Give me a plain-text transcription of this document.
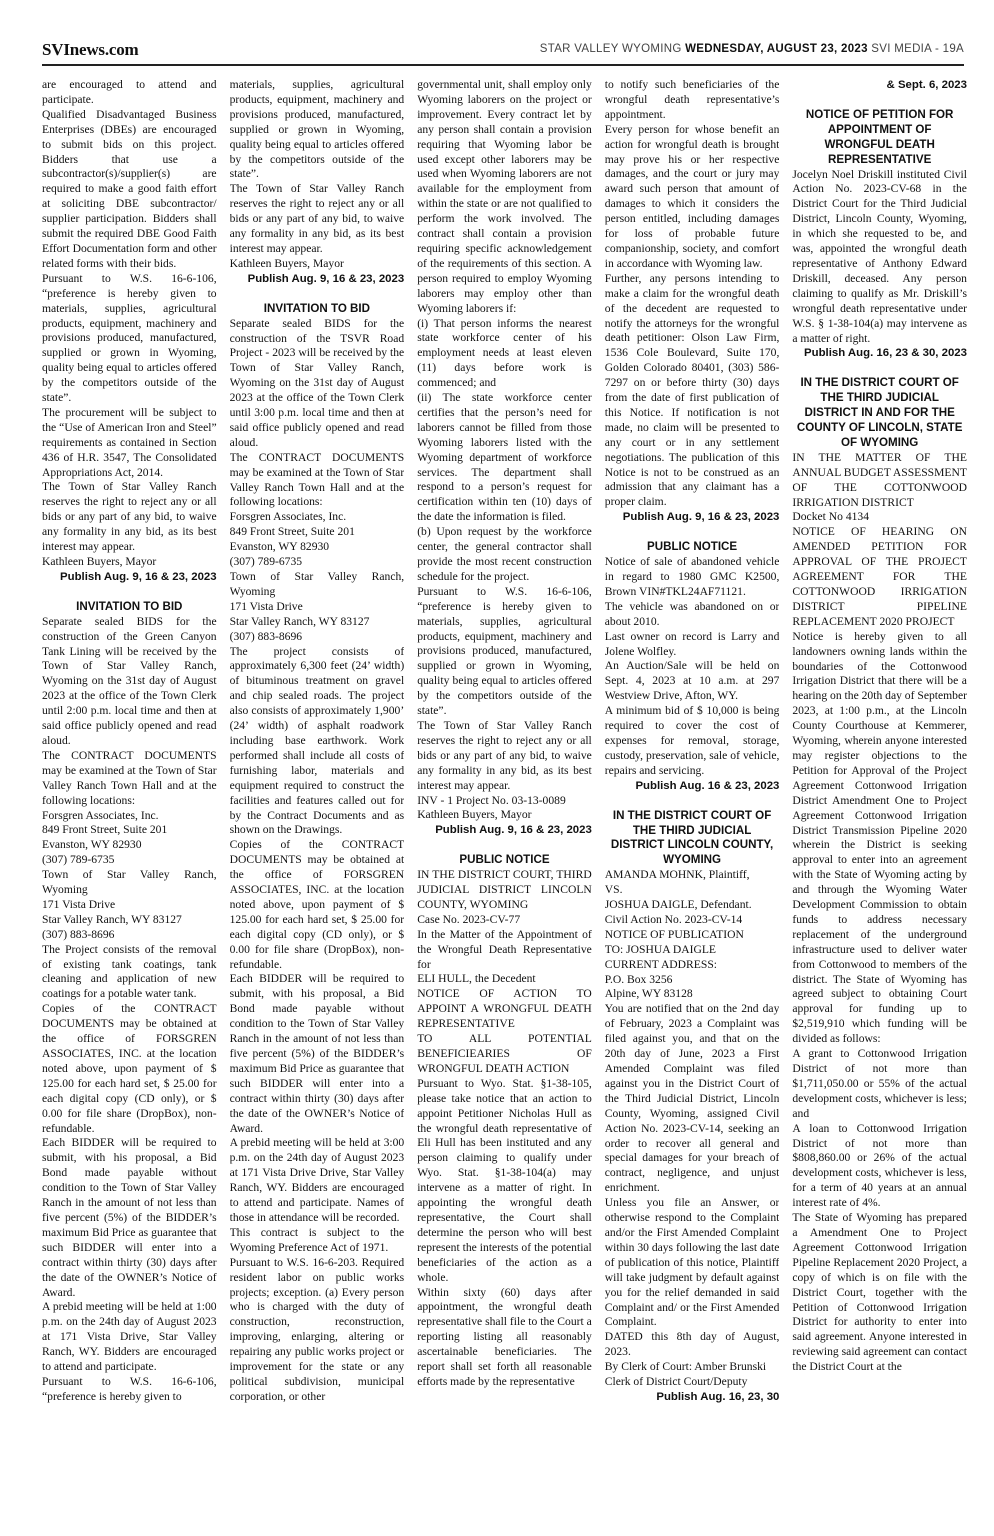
SVInews.com	STAR VALLEY WYOMING WEDNESDAY, AUGUST 23, 2023 SVI MEDIA - 19A

are encouraged to attend and participate.

Qualified Disadvantaged Business Enterprises (DBEs) are encouraged to submit bids on this project. Bidders that use a subcontractor(s)/supplier(s) are required to make a good faith effort at soliciting DBE subcontractor/ supplier participation. Bidders shall submit the required DBE Good Faith Effort Documentation form and other related forms with their bids.

Pursuant to W.S. 16-6-106, “preference is hereby given to materials, supplies, agricultural products, equipment, machinery and provisions produced, manufactured, supplied or grown in Wyoming, quality being equal to articles offered by the competitors outside of the state”.

The procurement will be subject to the “Use of American Iron and Steel” requirements as contained in Section 436 of H.R. 3547, The Consolidated Appropriations Act, 2014.

The Town of Star Valley Ranch reserves the right to reject any or all bids or any part of any bid, to waive any formality in any bid, as its best interest may appear.

Kathleen Buyers, Mayor

Publish Aug. 9, 16 & 23, 2023

INVITATION TO BID

Separate sealed BIDS for the construction of the Green Canyon Tank Lining will be received by the Town of Star Valley Ranch, Wyoming on the 31st day of August 2023 at the office of the Town Clerk until 2:00 p.m. local time and then at said office publicly opened and read aloud.

The CONTRACT DOCUMENTS may be examined at the Town of Star Valley Ranch Town Hall and at the following locations:

Forsgren Associates, Inc.

849 Front Street, Suite 201

Evanston, WY 82930

(307) 789-6735

Town of Star Valley Ranch, Wyoming

171 Vista Drive

Star Valley Ranch, WY 83127

(307) 883-8696

The Project consists of the removal of existing tank coatings, tank cleaning and application of new coatings for a potable water tank.

Copies of the CONTRACT DOCUMENTS may be obtained at the office of FORSGREN ASSOCIATES, INC. at the location noted above, upon payment of $ 125.00 for each hard set, $ 25.00 for each digital copy (CD only), or $ 0.00 for file share (DropBox), non-refundable.

Each BIDDER will be required to submit, with his proposal, a Bid Bond made payable without condition to the Town of Star Valley Ranch in the amount of not less than five percent (5%) of the BIDDER’s maximum Bid Price as guarantee that such BIDDER will enter into a contract within thirty (30) days after the date of the OWNER’s Notice of Award.

A prebid meeting will be held at 1:00 p.m. on the 24th day of August 2023 at 171 Vista Drive, Star Valley Ranch, WY. Bidders are encouraged to attend and participate.

Pursuant to W.S. 16-6-106, “preference is hereby given to

materials, supplies, agricultural products, equipment, machinery and provisions produced, manufactured, supplied or grown in Wyoming, quality being equal to articles offered by the competitors outside of the state”.

The Town of Star Valley Ranch reserves the right to reject any or all bids or any part of any bid, to waive any formality in any bid, as its best interest may appear.

Kathleen Buyers, Mayor

Publish Aug. 9, 16 & 23, 2023

INVITATION TO BID

Separate sealed BIDS for the construction of the TSVR Road Project - 2023 will be received by the Town of Star Valley Ranch, Wyoming on the 31st day of August 2023 at the office of the Town Clerk until 3:00 p.m. local time and then at said office publicly opened and read aloud.

The CONTRACT DOCUMENTS may be examined at the Town of Star Valley Ranch Town Hall and at the following locations:

Forsgren Associates, Inc.

849 Front Street, Suite 201

Evanston, WY 82930

(307) 789-6735

Town of Star Valley Ranch, Wyoming

171 Vista Drive

Star Valley Ranch, WY 83127

(307) 883-8696

The project consists of approximately 6,300 feet (24’ width) of bituminous treatment on gravel and chip sealed roads. The project also consists of approximately 1,900’ (24’ width) of asphalt roadwork including base earthwork. Work performed shall include all costs of furnishing labor, materials and equipment required to construct the facilities and features called out for by the Contract Documents and as shown on the Drawings.

Copies of the CONTRACT DOCUMENTS may be obtained at the office of FORSGREN ASSOCIATES, INC. at the location noted above, upon payment of $ 125.00 for each hard set, $ 25.00 for each digital copy (CD only), or $ 0.00 for file share (DropBox), non-refundable.

Each BIDDER will be required to submit, with his proposal, a Bid Bond made payable without condition to the Town of Star Valley Ranch in the amount of not less than five percent (5%) of the BIDDER’s maximum Bid Price as guarantee that such BIDDER will enter into a contract within thirty (30) days after the date of the OWNER’s Notice of Award.

A prebid meeting will be held at 3:00 p.m. on the 24th day of August 2023 at 171 Vista Drive Drive, Star Valley Ranch, WY. Bidders are encouraged to attend and participate. Names of those in attendance will be recorded.

This contract is subject to the Wyoming Preference Act of 1971.

Pursuant to W.S. 16-6-203. Required resident labor on public works projects; exception. (a) Every person who is charged with the duty of construction, reconstruction, improving, enlarging, altering or repairing any public works project or improvement for the state or any political subdivision, municipal corporation, or other

governmental unit, shall employ only Wyoming laborers on the project or improvement. Every contract let by any person shall contain a provision requiring that Wyoming labor be used except other laborers may be used when Wyoming laborers are not available for the employment from within the state or are not qualified to perform the work involved. The contract shall contain a provision requiring specific acknowledgement of the requirements of this section. A person required to employ Wyoming laborers may employ other than Wyoming laborers if:

(i) That person informs the nearest state workforce center of his employment needs at least eleven (11) days before work is commenced; and

(ii) The state workforce center certifies that the person’s need for laborers cannot be filled from those Wyoming laborers listed with the Wyoming department of workforce services. The department shall respond to a person’s request for certification within ten (10) days of the date the information is filed.

(b) Upon request by the workforce center, the general contractor shall provide the most recent construction schedule for the project.

Pursuant to W.S. 16-6-106, “preference is hereby given to materials, supplies, agricultural products, equipment, machinery and provisions produced, manufactured, supplied or grown in Wyoming, quality being equal to articles offered by the competitors outside of the state”.

The Town of Star Valley Ranch reserves the right to reject any or all bids or any part of any bid, to waive any formality in any bid, as its best interest may appear.

INV - 1 Project No. 03-13-0089

Kathleen Buyers, Mayor

Publish Aug. 9, 16 & 23, 2023

PUBLIC NOTICE

IN THE DISTRICT COURT, THIRD JUDICIAL DISTRICT LINCOLN COUNTY, WYOMING

Case No. 2023-CV-77

In the Matter of the Appointment of the Wrongful Death Representative for

ELI HULL, the Decedent

NOTICE OF ACTION TO APPOINT A WRONGFUL DEATH REPRESENTATIVE

TO ALL POTENTIAL BENEFICIEARIES OF WRONGFUL DEATH ACTION

Pursuant to Wyo. Stat. §1-38-105, please take notice that an action to appoint Petitioner Nicholas Hull as the wrongful death representative of Eli Hull has been instituted and any person claiming to qualify under Wyo. Stat. §1-38-104(a) may intervene as a matter of right. In appointing the wrongful death representative, the Court shall determine the person who will best represent the interests of the potential beneficiaries of the action as a whole.

Within sixty (60) days after appointment, the wrongful death representative shall file to the Court a reporting listing all reasonably ascertainable beneficiaries. The report shall set forth all reasonable efforts made by the representative

to notify such beneficiaries of the wrongful death representative’s appointment.

Every person for whose benefit an action for wrongful death is brought may prove his or her respective damages, and the court or jury may award such person that amount of damages to which it considers the person entitled, including damages for loss of probable future companionship, society, and comfort in accordance with Wyoming law.

Further, any persons intending to make a claim for the wrongful death of the decedent are requested to notify the attorneys for the wrongful death petitioner: Olson Law Firm, 1536 Cole Boulevard, Suite 170, Golden Colorado 80401, (303) 586-7297 on or before thirty (30) days from the date of first publication of this Notice. If notification is not made, no claim will be presented to any court or in any settlement negotiations. The publication of this Notice is not to be construed as an admission that any claimant has a proper claim.

Publish Aug. 9, 16 & 23, 2023

PUBLIC NOTICE

Notice of sale of abandoned vehicle in regard to 1980 GMC K2500, Brown VIN#TKL24AF71121.

The vehicle was abandoned on or about 2010.

Last owner on record is Larry and Jolene Wolfley.

An Auction/Sale will be held on Sept. 4, 2023 at 10 a.m. at 297 Westview Drive, Afton, WY.

A minimum bid of $ 10,000 is being required to cover the cost of expenses for removal, storage, custody, preservation, sale of vehicle, repairs and servicing.

Publish Aug. 16 & 23, 2023

IN THE DISTRICT COURT OF THE THIRD JUDICIAL DISTRICT LINCOLN COUNTY, WYOMING

AMANDA MOHNK, Plaintiff,

VS.

JOSHUA DAIGLE, Defendant.

Civil Action No. 2023-CV-14

NOTICE OF PUBLICATION

TO: JOSHUA DAIGLE

CURRENT ADDRESS:

P.O. Box 3256

Alpine, WY 83128

You are notified that on the 2nd day of February, 2023 a Complaint was filed against you, and that on the 20th day of June, 2023 a First Amended Complaint was filed against you in the District Court of the Third Judicial District, Lincoln County, Wyoming, assigned Civil Action No. 2023-CV-14, seeking an order to recover all general and special damages for your breach of contract, negligence, and unjust enrichment.

Unless you file an Answer, or otherwise respond to the Complaint and/or the First Amended Complaint within 30 days following the last date of publication of this notice, Plaintiff will take judgment by default against you for the relief demanded in said Complaint and/ or the First Amended Complaint.

DATED this 8th day of August, 2023.

By Clerk of Court: Amber Brunski

Clerk of District Court/Deputy

Publish Aug. 16, 23, 30

& Sept. 6, 2023

NOTICE OF PETITION FOR APPOINTMENT OF WRONGFUL DEATH REPRESENTATIVE

Jocelyn Noel Driskill instituted Civil Action No. 2023-CV-68 in the District Court for the Third Judicial District, Lincoln County, Wyoming, in which she requested to be, and was, appointed the wrongful death representative of Anthony Edward Driskill, deceased. Any person claiming to qualify as Mr. Driskill’s wrongful death representative under W.S. § 1-38-104(a) may intervene as a matter of right.

Publish Aug. 16, 23 & 30, 2023

IN THE DISTRICT COURT OF THE THIRD JUDICIAL DISTRICT IN AND FOR THE COUNTY OF LINCOLN, STATE OF WYOMING

IN THE MATTER OF THE ANNUAL BUDGET ASSESSMENT OF THE COTTONWOOD IRRIGATION DISTRICT

Docket No 4134

NOTICE OF HEARING ON AMENDED PETITION FOR APPROVAL OF THE PROJECT AGREEMENT FOR THE COTTONWOOD IRRIGATION DISTRICT PIPELINE REPLACEMENT 2020 PROJECT

Notice is hereby given to all landowners owning lands within the boundaries of the Cottonwood Irrigation District that there will be a hearing on the 20th day of September 2023, at 1:00 p.m., at the Lincoln County Courthouse at Kemmerer, Wyoming, wherein anyone interested may register objections to the Petition for Approval of the Project Agreement Cottonwood Irrigation District Amendment One to Project Agreement Cottonwood Irrigation District Transmission Pipeline 2020 wherein the District is seeking approval to enter into an agreement with the State of Wyoming acting by and through the Wyoming Water Development Commission to obtain funds to address necessary replacement of the underground infrastructure used to deliver water from Cottonwood to members of the district. The State of Wyoming has agreed subject to obtaining Court approval for funding up to $2,519,910 which funding will be divided as follows:

A grant to Cottonwood Irrigation District of not more than $1,711,050.00 or 55% of the actual development costs, whichever is less; and

A loan to Cottonwood Irrigation District of not more than $808,860.00 or 26% of the actual development costs, whichever is less, for a term of 40 years at an annual interest rate of 4%.

The State of Wyoming has prepared a Amendment One to Project Agreement Cottonwood Irrigation Pipeline Replacement 2020 Project, a copy of which is on file with the District Court, together with the Petition of Cottonwood Irrigation District for authority to enter into said agreement. Anyone interested in reviewing said agreement can contact the District Court at the
